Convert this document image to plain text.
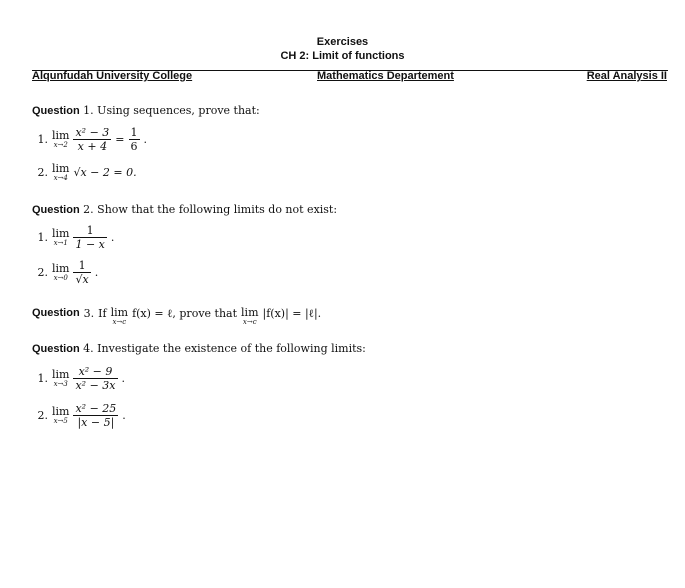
Exercises
CH 2: Limit of functions
Alqunfudah University College	Mathematics Departement	Real Analysis II
Question 1. Using sequences, prove that:
1. lim
$x\to 2 \frac{\text{x² − 3}}{x + 4} = \frac{1}{6}$ .
2. lim
x→4 √x − 2 = 0.
Question 2. Show that the following limits do not exist:
1. lim
$x\to 1 \frac{1}{1 - x}$ .
2. lim
$x\to 0 \frac{1}{√x}$ .
Question 3. If lim
x→c
f(x) = ℓ, prove that lim
x→c
|f(x)| = |ℓ|.
Question 4. Investigate the existence of the following limits:
1. lim
$x\to 3 \frac{\text{x² − 9}}{\text{x² − 3x}}$ .
2. lim
$x\to 5 \frac{\text{x² − 25}}{|x - 5|}$ .
